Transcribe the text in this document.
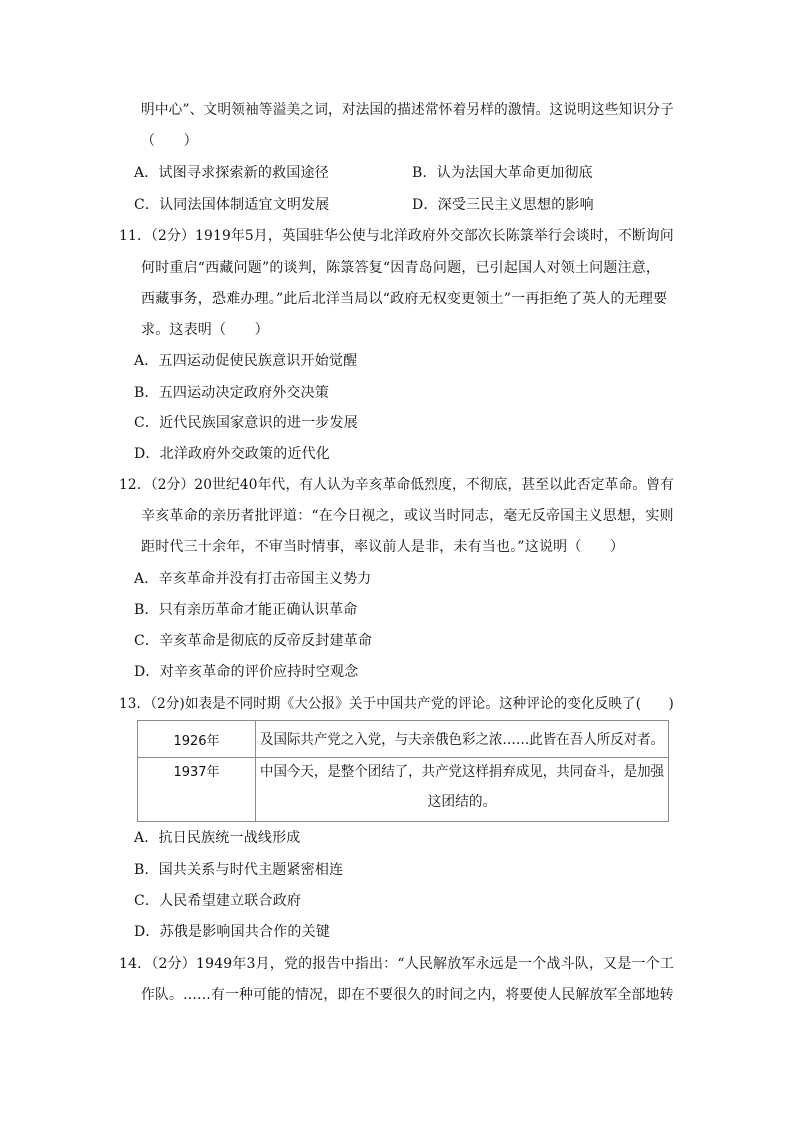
明中心”、文明领袖等溢美之词，对法国的描述常怀着另样的激情。这说明这些知识分子
（　　）
A．试图寻求探索新的救国途径	B．认为法国大革命更加彻底
C．认同法国体制适宜文明发展	D．深受三民主义思想的影响
11．（2分）1919年5月，英国驻华公使与北洋政府外交部次长陈箓举行会谈时，不断询问
何时重启“西藏问题”的谈判，陈箓答复“因青岛问题，已引起国人对领土问题注意，
西藏事务，恐难办理。”此后北洋当局以“政府无权变更领土”一再拒绝了英人的无理要
求。这表明（　　）
A．五四运动促使民族意识开始觉醒
B．五四运动决定政府外交决策
C．近代民族国家意识的进一步发展
D．北洋政府外交政策的近代化
12．（2分）20世纪40年代，有人认为辛亥革命低烈度，不彻底，甚至以此否定革命。曾有
辛亥革命的亲历者批评道：“在今日视之，或议当时同志，毫无反帝国主义思想，实则
距时代三十余年，不审当时情事，率议前人是非，未有当也。”这说明（　　）
A．辛亥革命并没有打击帝国主义势力
B．只有亲历革命才能正确认识革命
C．辛亥革命是彻底的反帝反封建革命
D．对辛亥革命的评价应持时空观念
13．（2分)如表是不同时期《大公报》关于中国共产党的评论。这种评论的变化反映了(　　)
1926年	及国际共产党之入党，与夫亲俄色彩之浓……此皆在吾人所反对者。
1937年	中国今天，是整个团结了，共产党这样捐弃成见，共同奋斗，是加强
这团结的。
A．抗日民族统一战线形成
B．国共关系与时代主题紧密相连
C．人民希望建立联合政府
D．苏俄是影响国共合作的关键
14．（2分）1949年3月，党的报告中指出：“人民解放军永远是一个战斗队，又是一个工
作队。……有一种可能的情况，即在不要很久的时间之内，将要使人民解放军全部地转
